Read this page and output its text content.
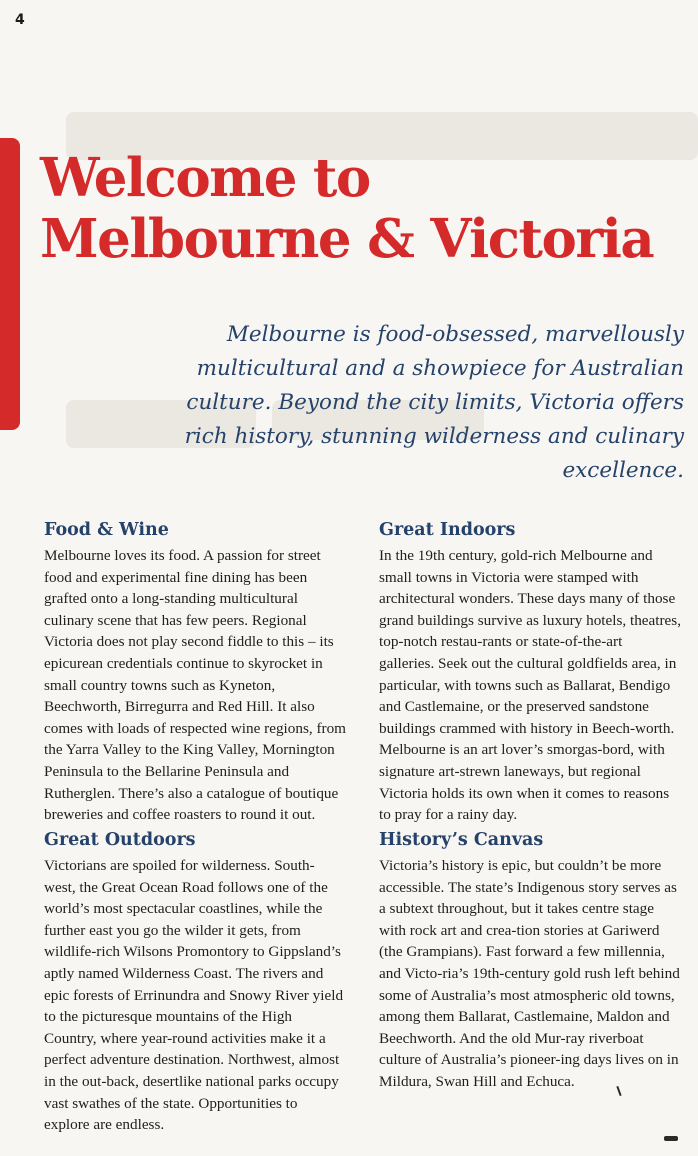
4
Welcome to
Melbourne & Victoria
Melbourne is food-obsessed, marvellously multicultural and a showpiece for Australian culture. Beyond the city limits, Victoria offers rich history, stunning wilderness and culinary excellence.
Food & Wine

Melbourne loves its food. A passion for street food and experimental fine dining has been grafted onto a long-standing multicultural culinary scene that has few peers. Regional Victoria does not play second fiddle to this – its epicurean credentials continue to skyrocket in small country towns such as Kyneton, Beechworth, Birregurra and Red Hill. It also comes with loads of respected wine regions, from the Yarra Valley to the King Valley, Mornington Peninsula to the Bellarine Peninsula and Rutherglen. There’s also a catalogue of boutique breweries and coffee roasters to round it out.

Great Indoors

In the 19th century, gold-rich Melbourne and small towns in Victoria were stamped with architectural wonders. These days many of those grand buildings survive as luxury hotels, theatres, top-notch restau-rants or state-of-the-art galleries. Seek out the cultural goldfields area, in particular, with towns such as Ballarat, Bendigo and Castlemaine, or the preserved sandstone buildings crammed with history in Beech-worth. Melbourne is an art lover’s smorgas-bord, with signature art-strewn laneways, but regional Victoria holds its own when it comes to reasons to pray for a rainy day.

Great Outdoors

Victorians are spoiled for wilderness. South-west, the Great Ocean Road follows one of the world’s most spectacular coastlines, while the further east you go the wilder it gets, from wildlife-rich Wilsons Promontory to Gippsland’s aptly named Wilderness Coast. The rivers and epic forests of Errinundra and Snowy River yield to the picturesque mountains of the High Country, where year-round activities make it a perfect adventure destination. Northwest, almost in the out-back, desertlike national parks occupy vast swathes of the state. Opportunities to explore are endless.

History’s Canvas

Victoria’s history is epic, but couldn’t be more accessible. The state’s Indigenous story serves as a subtext throughout, but it takes centre stage with rock art and crea-tion stories at Gariwerd (the Grampians). Fast forward a few millennia, and Victo-ria’s 19th-century gold rush left behind some of Australia’s most atmospheric old towns, among them Ballarat, Castlemaine, Maldon and Beechworth. And the old Mur-ray riverboat culture of Australia’s pioneer-ing days lives on in Mildura, Swan Hill and Echuca.
